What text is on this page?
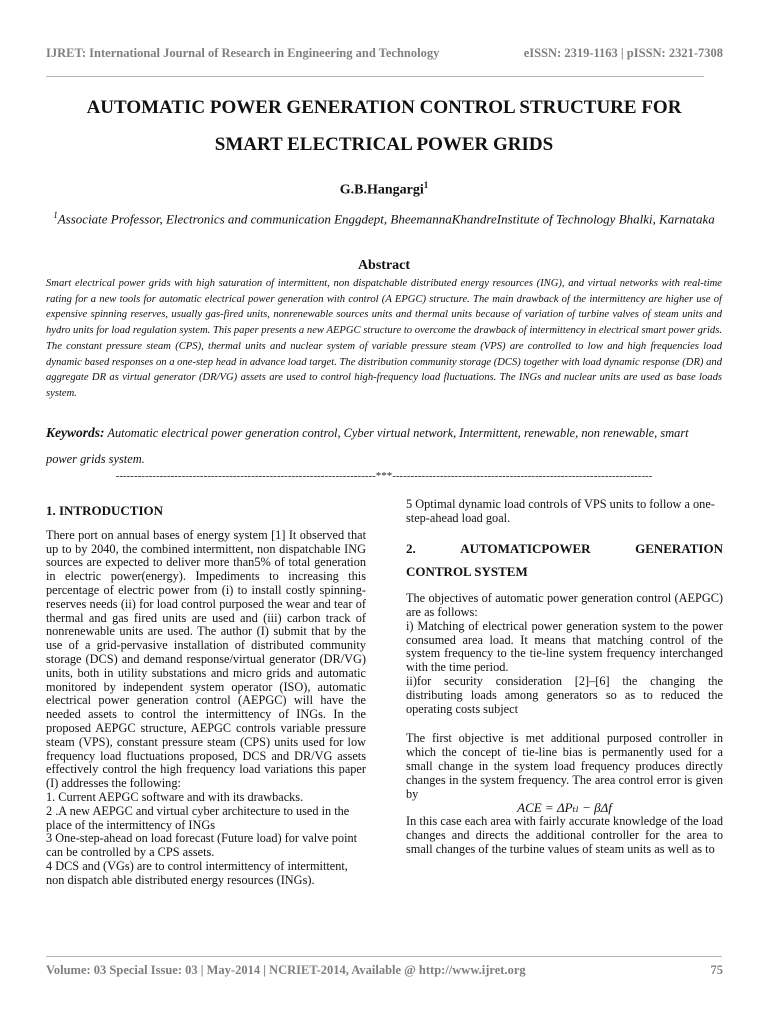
IJRET: International Journal of Research in Engineering and Technology	eISSN: 2319-1163 | pISSN: 2321-7308
AUTOMATIC POWER GENERATION CONTROL STRUCTURE FOR
SMART ELECTRICAL POWER GRIDS
G.B.Hangargi$^1$
$^1$Associate Professor, Electronics and communication Enggdept, BheemannaKhandreInstitute of Technology Bhalki, Karnataka
Abstract
Smart electrical power grids with high saturation of intermittent, non dispatchable distributed energy resources (ING), and virtual networks with real-time rating for a new tools for automatic electrical power generation with control (A EPGC) structure. The main drawback of the intermittency are higher use of expensive spinning reserves, usually gas-fired units, nonrenewable sources units and thermal units because of variation of turbine valves of steam units and hydro units for load regulation system. This paper presents a new AEPGC structure to overcome the drawback of intermittency in electrical smart power grids. The constant pressure steam (CPS), thermal units and nuclear system of variable pressure steam (VPS) are controlled to low and high frequencies load dynamic based responses on a one-step head in advance load target. The distribution community storage (DCS) together with load dynamic response (DR) and aggregate DR as virtual generator (DR/VG) assets are used to control high-frequency load fluctuations. The INGs and nuclear units are used as base loads system.
Keywords: Automatic electrical power generation control, Cyber virtual network, Intermittent, renewable, non renewable, smart power grids system.
-----------------------------------------------------------------------***-----------------------------------------------------------------------

1. INTRODUCTION

There port on annual bases of energy system [1] It observed that up to by 2040, the combined intermittent, non dispatchable ING sources are expected to deliver more than5% of total generation in electric power(energy). Impediments to increasing this percentage of electric power from (i) to install costly spinning-reserves needs (ii) for load control purposed the wear and tear of thermal and gas fired units are used and (iii) carbon track of nonrenewable units are used. The author (I) submit that by the use of a grid-pervasive installation of distributed community storage (DCS) and demand response/virtual generator (DR/VG) units, both in utility substations and micro grids and automatic monitored by independent system operator (ISO), automatic electrical power generation control (AEPGC) will have the needed assets to control the intermittency of INGs. In the proposed AEPGC structure, AEPGC controls variable pressure steam (VPS), constant pressure steam (CPS) units used for low frequency load fluctuations proposed, DCS and DR/VG assets effectively control the high frequency load variations this paper (I) addresses the following:

1. Current AEPGC software and with its drawbacks.

2 .A new AEPGC and virtual cyber architecture to used in the place of the intermittency of INGs

3 One-step-ahead on load forecast (Future load) for valve point can be controlled by a CPS assets.

4 DCS and (VGs) are to control intermittency of intermittent, non dispatch able distributed energy resources (INGs).

5 Optimal dynamic load controls of VPS units to follow a one-step-ahead load goal.

2.	AUTOMATICPOWER	GENERATION

CONTROL SYSTEM

The objectives of automatic power generation control (AEPGC) are as follows:

i) Matching of electrical power generation system to the power consumed area load. It means that matching control of the system frequency to the tie-line system frequency interchanged with the time period.

ii)for security consideration [2]–[6] the changing the distributing loads among generators so as to reduced the operating costs subject

The first objective is met additional purposed controller in which the concept of tie-line bias is permanently used for a small change in the system load frequency produces directly changes in the system frequency. The area control error is given by

ACE = ΔPₜₗ − βΔf

In this case each area with fairly accurate knowledge of the load changes and directs the additional controller for the area to small changes of the turbine values of steam units as well as to

Volume: 03 Special Issue: 03 | May-2014 | NCRIET-2014, Available @ http://www.ijret.org	75
